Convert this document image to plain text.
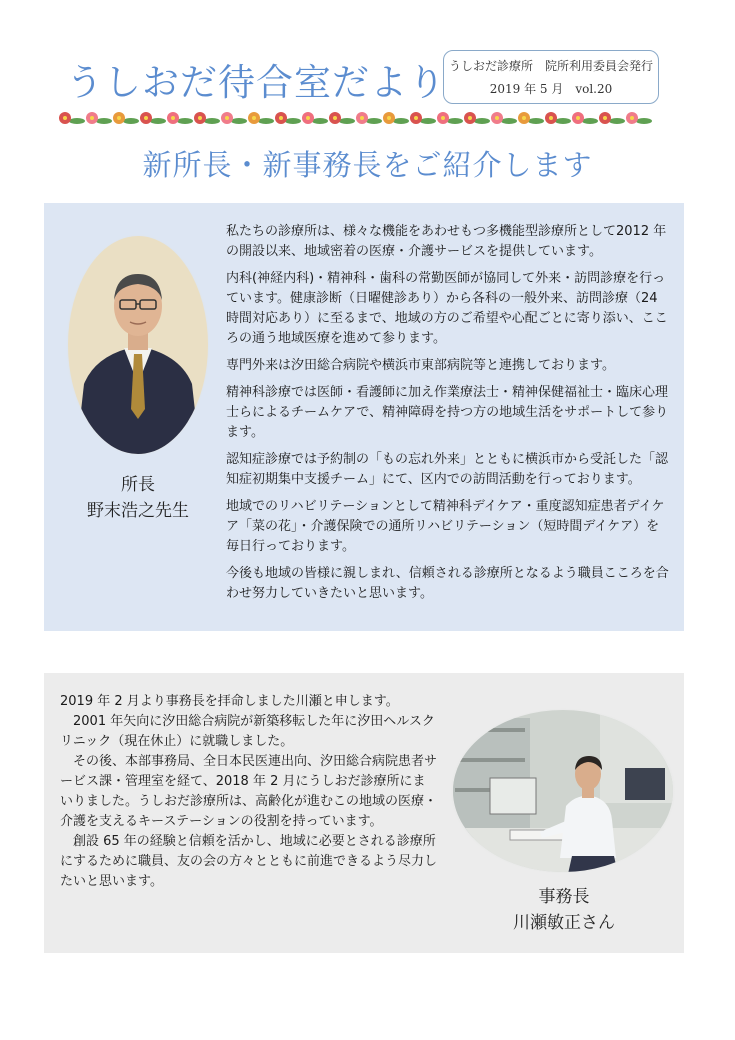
うしおだ待合室だより うしおだ診療所　院所利用委員会発行
2019 年 5 月　vol.20
新所長・新事務長をご紹介します
所長
野末浩之先生

私たちの診療所は、様々な機能をあわせもつ多機能型診療所として2012 年の開設以来、地域密着の医療・介護サービスを提供しています。

内科(神経内科)・精神科・歯科の常勤医師が協同して外来・訪問診療を行っています。健康診断（日曜健診あり）から各科の一般外来、訪問診療（24 時間対応あり）に至るまで、地域の方のご希望や心配ごとに寄り添い、こころの通う地域医療を進めて参ります。

専門外来は汐田総合病院や横浜市東部病院等と連携しております。

精神科診療では医師・看護師に加え作業療法士・精神保健福祉士・臨床心理士らによるチームケアで、精神障碍を持つ方の地域生活をサポートして参ります。

認知症診療では予約制の「もの忘れ外来」とともに横浜市から受託した「認知症初期集中支援チーム」にて、区内での訪問活動を行っております。

地域でのリハビリテーションとして精神科デイケア・重度認知症患者デイケア「菜の花」・介護保険での通所リハビリテーション（短時間デイケア）を毎日行っております。

今後も地域の皆様に親しまれ、信頼される診療所となるよう職員こころを合わせ努力していきたいと思います。

2019 年 2 月より事務長を拝命しました川瀬と申します。

　2001 年矢向に汐田総合病院が新築移転した年に汐田ヘルスクリニック（現在休止）に就職しました。

　その後、本部事務局、全日本民医連出向、汐田総合病院患者サービス課・管理室を経て、2018 年 2 月にうしおだ診療所にまいりました。うしおだ診療所は、高齢化が進むこの地域の医療・介護を支えるキーステーションの役割を持っています。

　創設 65 年の経験と信頼を活かし、地域に必要とされる診療所にするために職員、友の会の方々とともに前進できるよう尽力したいと思います。

事務長
川瀬敏正さん
